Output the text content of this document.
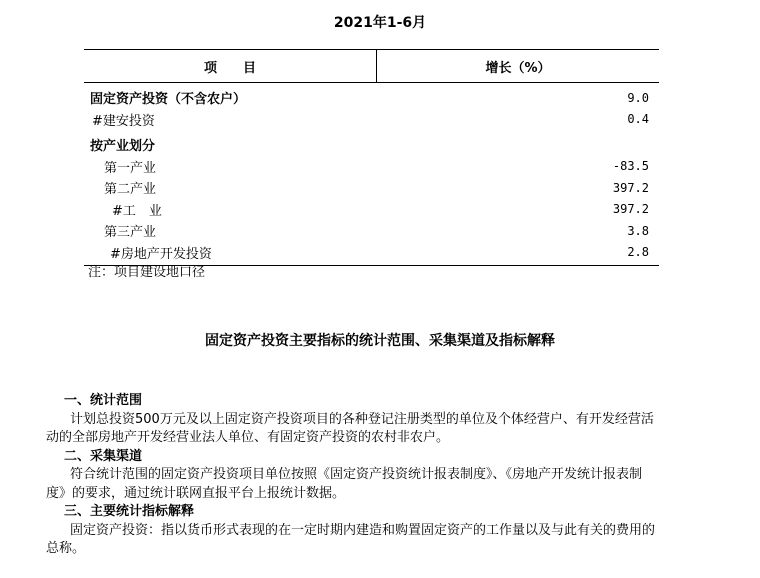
2021年1-6月
项　　目	增长（%）
固定资产投资（不含农户）	9.0
#建安投资	0.4
按产业划分
第一产业	-83.5
第二产业	397.2
#工　业	397.2
第三产业	3.8
#房地产开发投资	2.8
注：项目建设地口径
固定资产投资主要指标的统计范围、采集渠道及指标解释
一、统计范围
计划总投资500万元及以上固定资产投资项目的各种登记注册类型的单位及个体经营户、有开发经营活
动的全部房地产开发经营业法人单位、有固定资产投资的农村非农户。
二、采集渠道
符合统计范围的固定资产投资项目单位按照《固定资产投资统计报表制度》、《房地产开发统计报表制
度》的要求，通过统计联网直报平台上报统计数据。
三、主要统计指标解释
固定资产投资：指以货币形式表现的在一定时期内建造和购置固定资产的工作量以及与此有关的费用的
总称。
